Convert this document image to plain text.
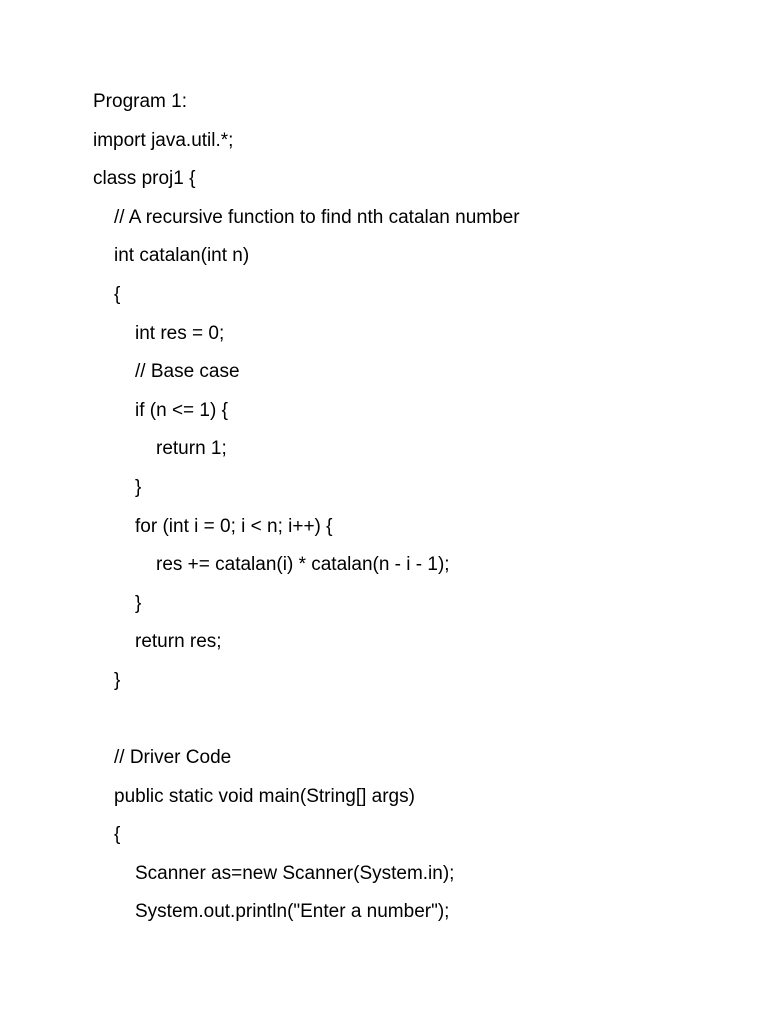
Program 1:
import java.util.*;
class proj1 {
// A recursive function to find nth catalan number
int catalan(int n)
{
int res = 0;
// Base case
if (n <= 1) {
return 1;
}
for (int i = 0; i < n; i++) {
res += catalan(i) * catalan(n - i - 1);
}
return res;
}
// Driver Code
public static void main(String[] args)
{
Scanner as=new Scanner(System.in);
System.out.println("Enter a number");
